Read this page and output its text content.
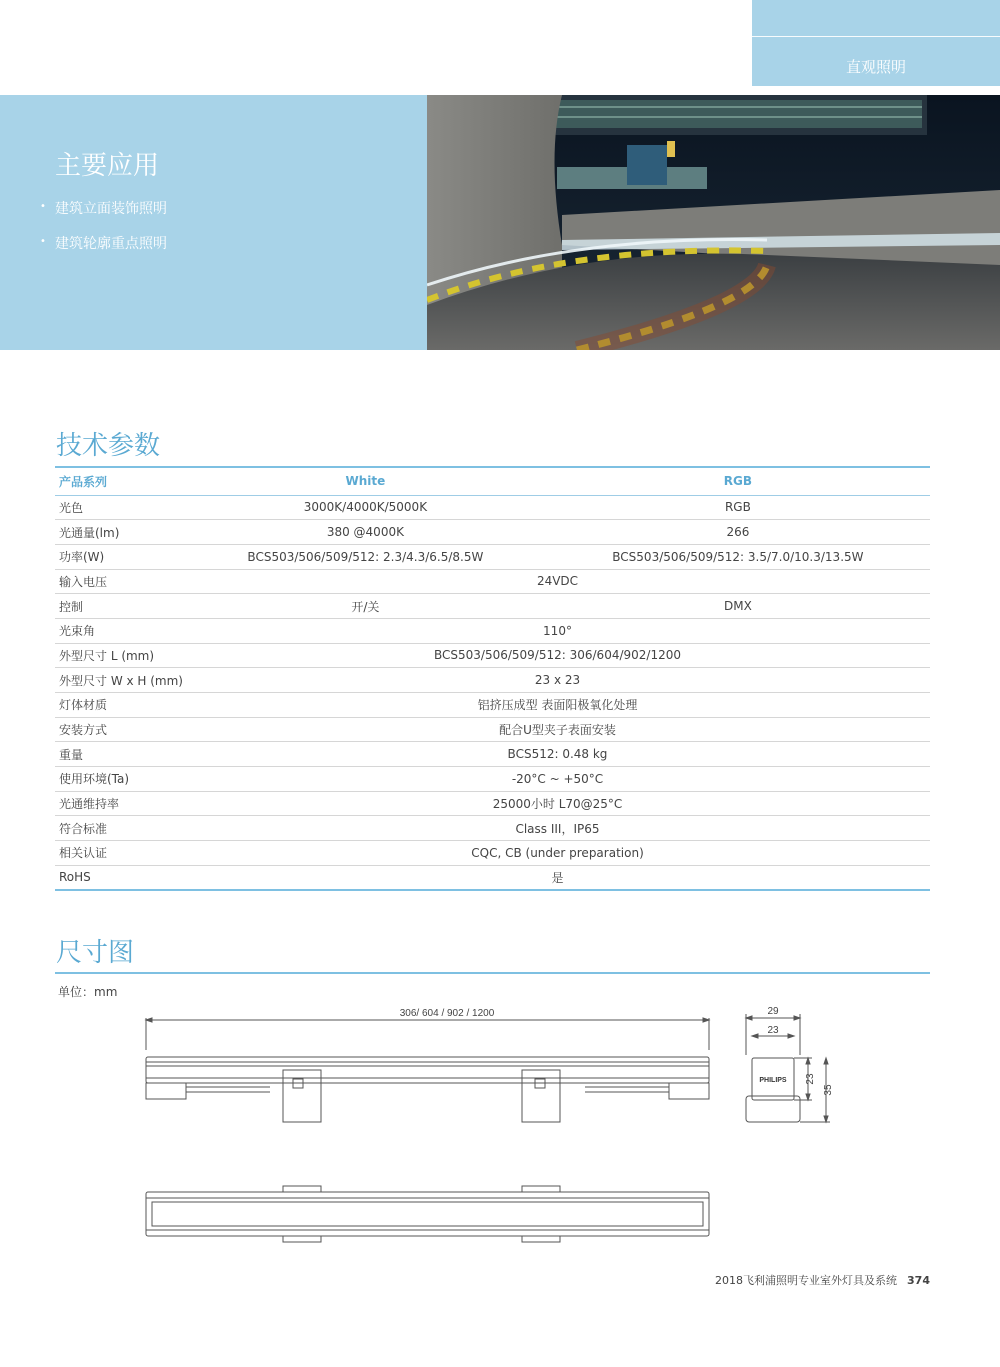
直观照明
主要应用
• 建筑立面装饰照明
• 建筑轮廓重点照明
技术参数
产品系列	White	RGB
光色	3000K/4000K/5000K	RGB
光通量(lm)	380 @4000K	266
功率(W)	BCS503/506/509/512: 2.3/4.3/6.5/8.5W	BCS503/506/509/512: 3.5/7.0/10.3/13.5W
输入电压	24VDC	
控制	开/关	DMX
光束角	110°	
外型尺寸 L (mm)	BCS503/506/509/512: 306/604/902/1200	
外型尺寸 W x H (mm)	23 x 23	
灯体材质	铝挤压成型 表面阳极氧化处理	
安装方式	配合U型夹子表面安装	
重量	BCS512: 0.48 kg	
使用环境(Ta)	-20°C ~ +50°C	
光通维持率	25000小时 L70@25°C	
符合标准	Class III，IP65	
相关认证	CQC, CB (under preparation)	
RoHS	是	
尺寸图
单位：mm
306/ 604 / 902 / 1200	29
23
PHILIPS 23
35
2018飞利浦照明专业室外灯具及系统 374
